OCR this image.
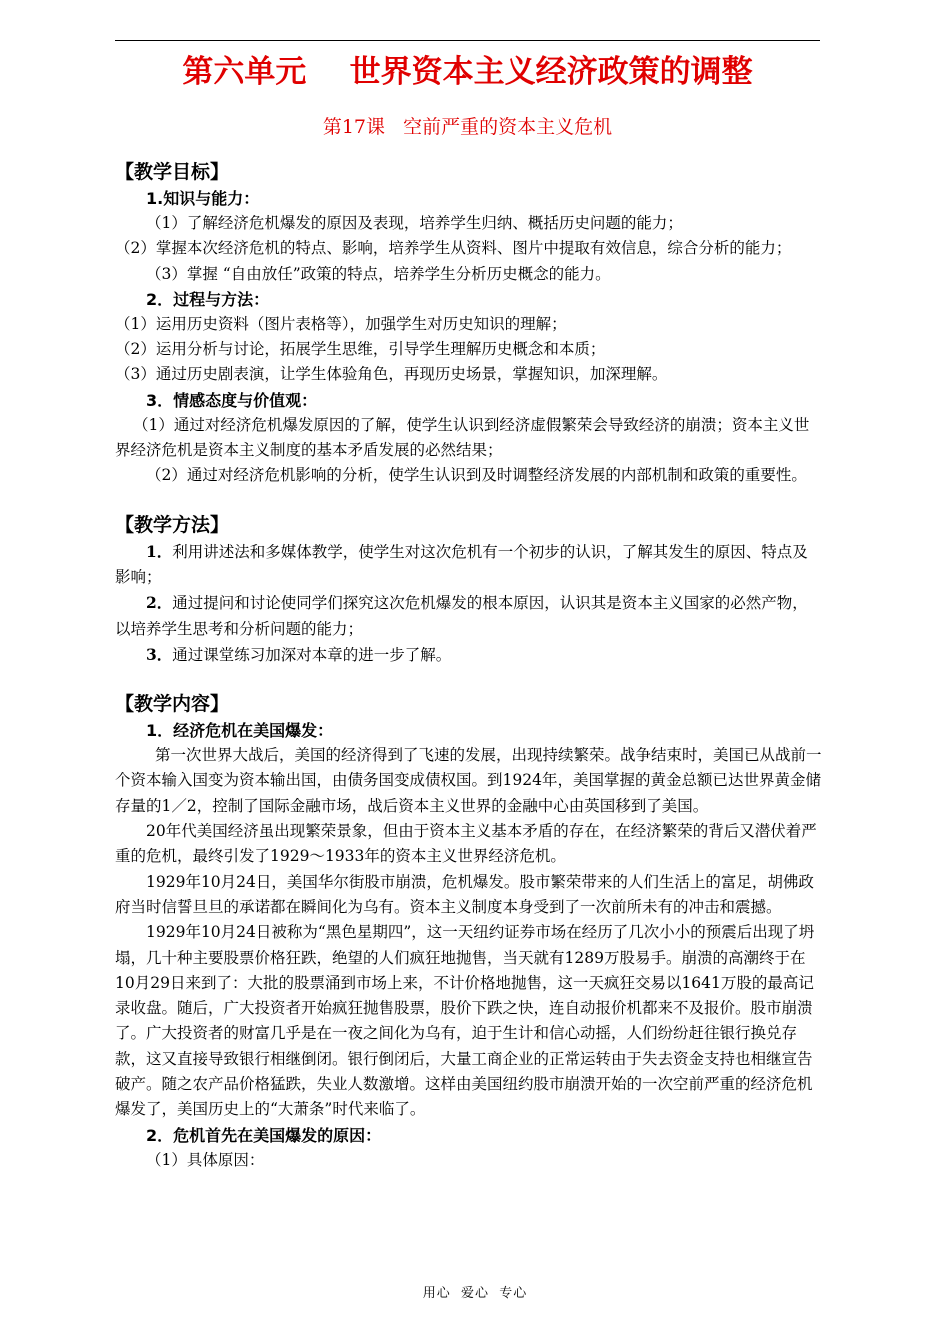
第六单元    世界资本主义经济政策的调整
第17课   空前严重的资本主义危机
【教学目标】
1.知识与能力：

（1）了解经济危机爆发的原因及表现，培养学生归纳、概括历史问题的能力；

（2）掌握本次经济危机的特点、影响，培养学生从资料、图片中提取有效信息，综合分析的能力；

（3）掌握 “自由放任”政策的特点，培养学生分析历史概念的能力。

2．过程与方法：

（1）运用历史资料（图片表格等），加强学生对历史知识的理解；

（2）运用分析与讨论，拓展学生思维，引导学生理解历史概念和本质；

（3）通过历史剧表演，让学生体验角色，再现历史场景，掌握知识，加深理解。

3．情感态度与价值观：

（1）通过对经济危机爆发原因的了解，使学生认识到经济虚假繁荣会导致经济的崩溃；资本主义世界经济危机是资本主义制度的基本矛盾发展的必然结果；

（2）通过对经济危机影响的分析，使学生认识到及时调整经济发展的内部机制和政策的重要性。

【教学方法】

1．利用讲述法和多媒体教学，使学生对这次危机有一个初步的认识，了解其发生的原因、特点及影响；

2．通过提问和讨论使同学们探究这次危机爆发的根本原因，认识其是资本主义国家的必然产物，以培养学生思考和分析问题的能力；

3．通过课堂练习加深对本章的进一步了解。

【教学内容】
1．经济危机在美国爆发：

第一次世界大战后，美国的经济得到了飞速的发展，出现持续繁荣。战争结束时，美国已从战前一个资本输入国变为资本输出国，由债务国变成债权国。到1924年，美国掌握的黄金总额已达世界黄金储存量的1／2，控制了国际金融市场，战后资本主义世界的金融中心由英国移到了美国。

20年代美国经济虽出现繁荣景象，但由于资本主义基本矛盾的存在，在经济繁荣的背后又潜伏着严重的危机，最终引发了1929～1933年的资本主义世界经济危机。

1929年10月24日，美国华尔街股市崩溃，危机爆发。股市繁荣带来的人们生活上的富足，胡佛政府当时信誓旦旦的承诺都在瞬间化为乌有。资本主义制度本身受到了一次前所未有的冲击和震撼。

1929年10月24日被称为“黑色星期四”，这一天纽约证券市场在经历了几次小小的预震后出现了坍塌，几十种主要股票价格狂跌，绝望的人们疯狂地抛售，当天就有1289万股易手。崩溃的高潮终于在10月29日来到了：大批的股票涌到市场上来，不计价格地抛售，这一天疯狂交易以1641万股的最高记录收盘。随后，广大投资者开始疯狂抛售股票，股价下跌之快，连自动报价机都来不及报价。股市崩溃了。广大投资者的财富几乎是在一夜之间化为乌有，迫于生计和信心动摇，人们纷纷赶往银行换兑存款，这又直接导致银行相继倒闭。银行倒闭后，大量工商企业的正常运转由于失去资金支持也相继宣告破产。随之农产品价格猛跌，失业人数激增。这样由美国纽约股市崩溃开始的一次空前严重的经济危机爆发了，美国历史上的“大萧条”时代来临了。

2．危机首先在美国爆发的原因：

（1）具体原因：

用心  爱心  专心
